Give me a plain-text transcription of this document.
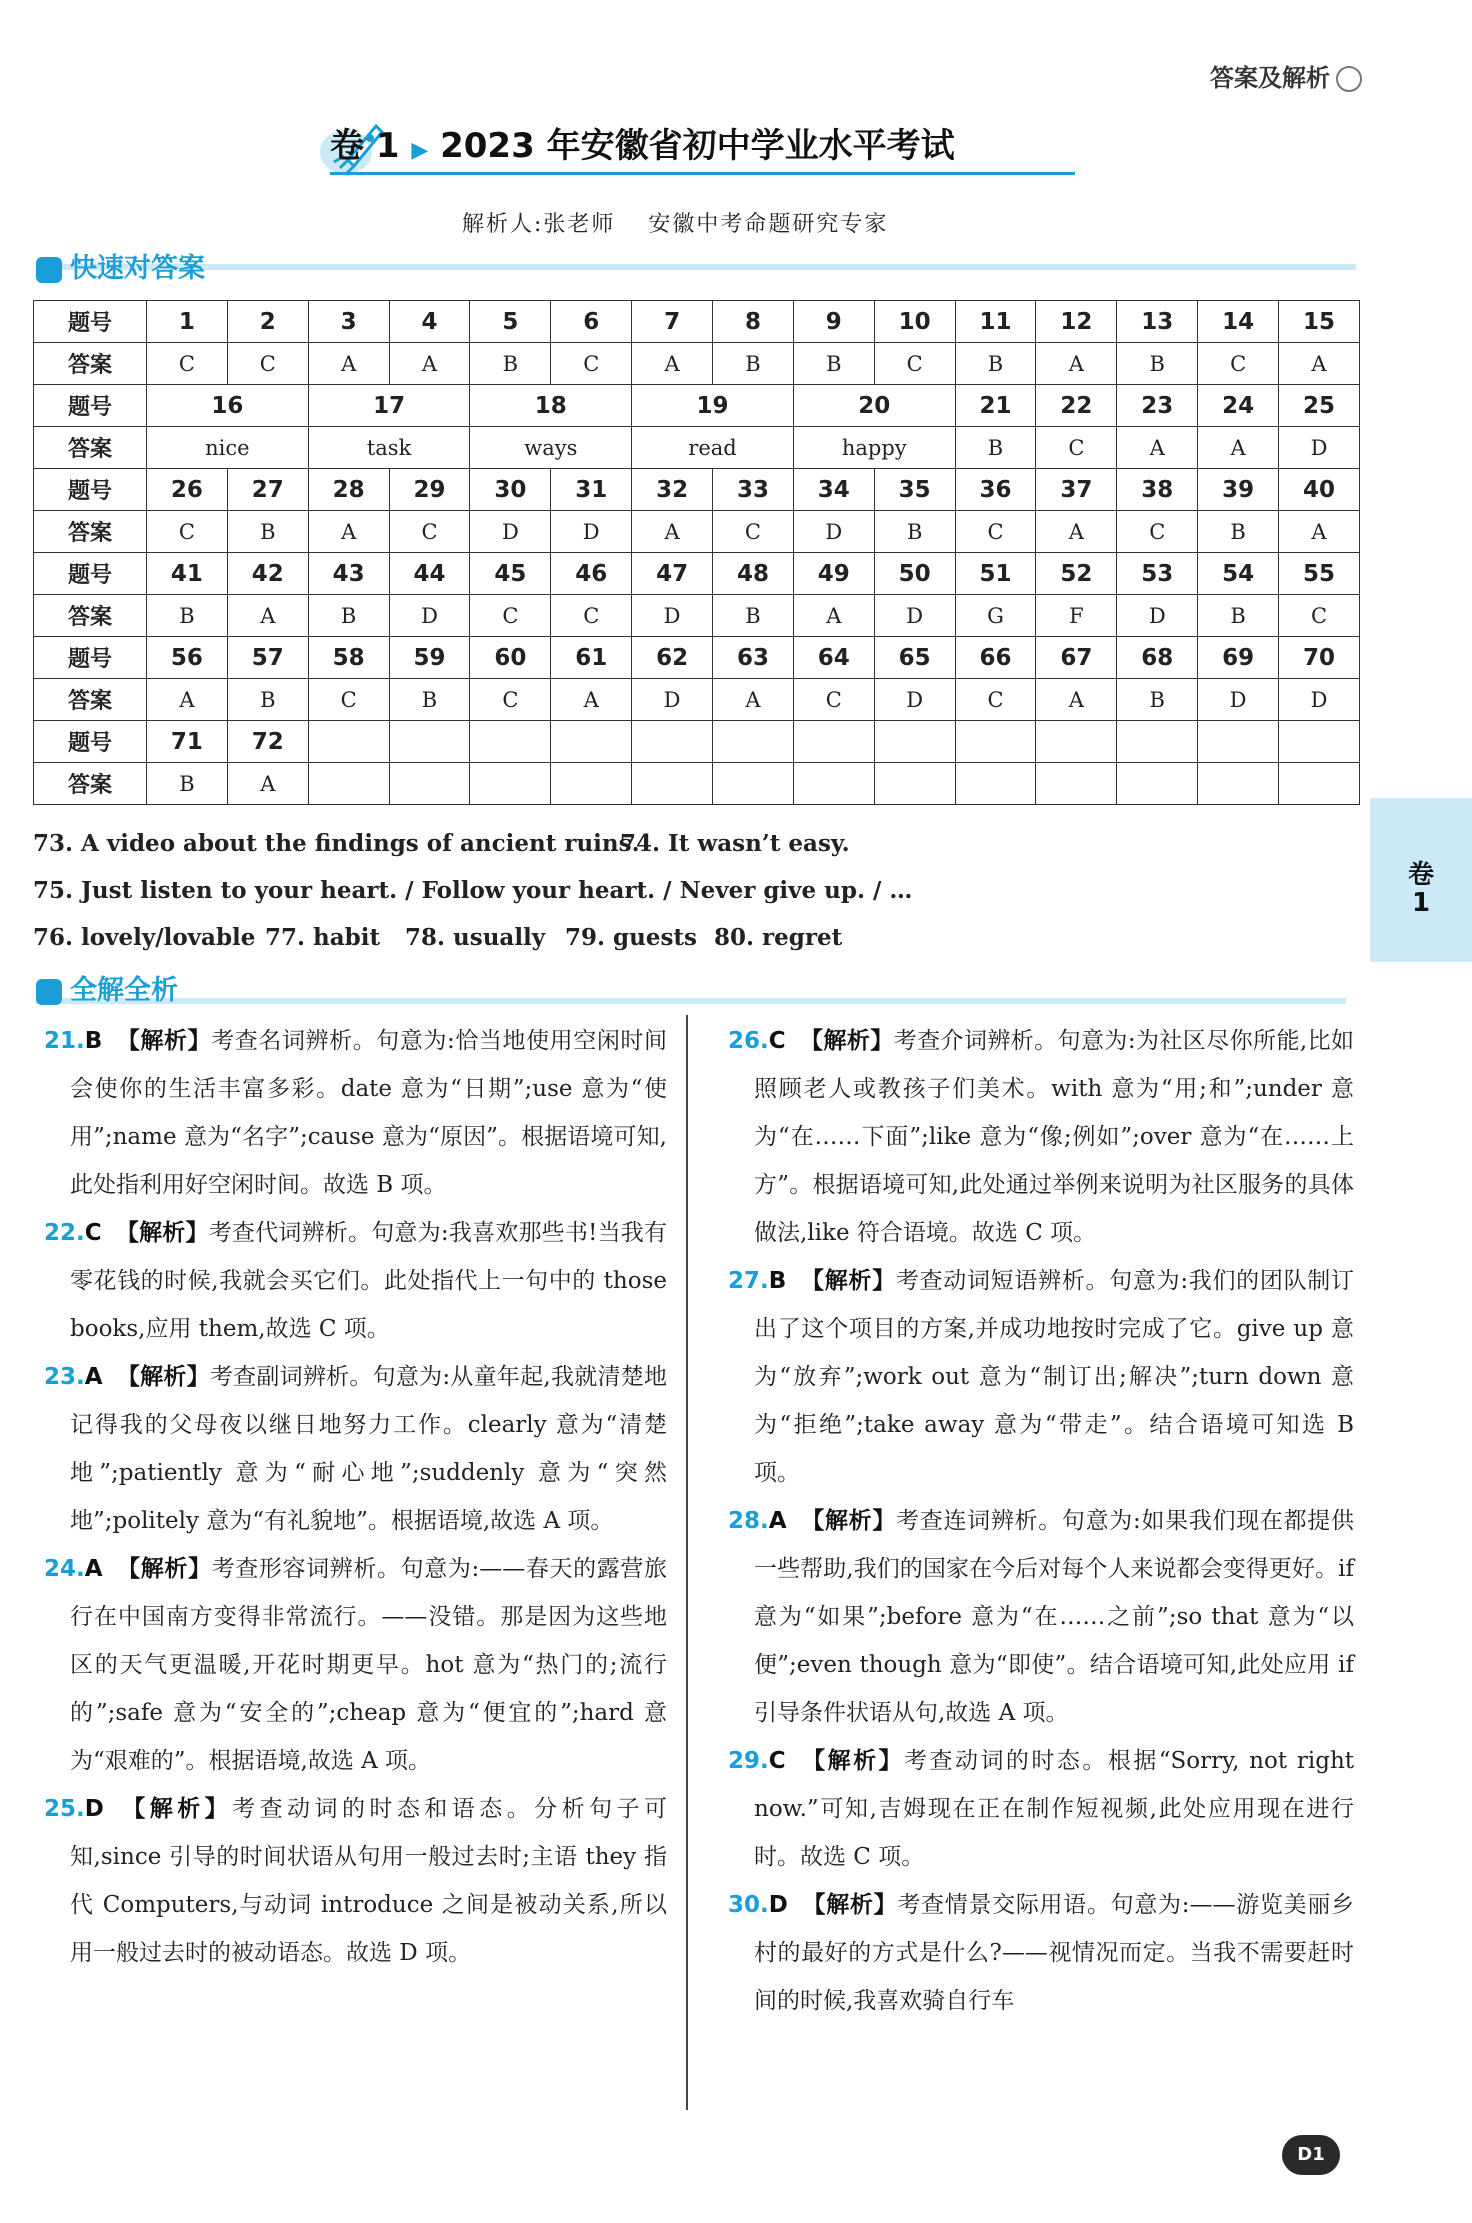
答案及解析
卷 1 ▶ 2023 年安徽省初中学业水平考试
解析人:张老师　 安徽中考命题研究专家
快速对答案
题号	1	2	3	4	5	6	7	8	9	10	11	12	13	14	15
答案	C	C	A	A	B	C	A	B	B	C	B	A	B	C	A
题号	16		17		18		19		20		21	22	23	24	25
答案	nice		task		ways		read		happy		B	C	A	A	D
题号	26	27	28	29	30	31	32	33	34	35	36	37	38	39	40
答案	C	B	A	C	D	D	A	C	D	B	C	A	C	B	A
题号	41	42	43	44	45	46	47	48	49	50	51	52	53	54	55
答案	B	A	B	D	C	C	D	B	A	D	G	F	D	B	C
题号	56	57	58	59	60	61	62	63	64	65	66	67	68	69	70
答案	A	B	C	B	C	A	D	A	C	D	C	A	B	D	D
题号	71	72													
答案	B	A													
73. A video about the findings of ancient ruins.
74. It wasn’t easy.
75. Just listen to your heart. / Follow your heart. / Never give up. / …
76. lovely/lovable 77. habit 78. usually 79. guests 80. regret
卷
1
全解全析

21.B 【解析】考查名词辨析。句意为:恰当地使用空闲时间会使你的生活丰富多彩。date 意为“日期”;use 意为“使用”;name 意为“名字”;cause 意为“原因”。根据语境可知,此处指利用好空闲时间。故选 B 项。

22.C 【解析】考查代词辨析。句意为:我喜欢那些书!当我有零花钱的时候,我就会买它们。此处指代上一句中的 those books,应用 them,故选 C 项。

23.A 【解析】考查副词辨析。句意为:从童年起,我就清楚地记得我的父母夜以继日地努力工作。clearly 意为“清楚地”;patiently 意为“耐心地”;suddenly 意为“突然地”;politely 意为“有礼貌地”。根据语境,故选 A 项。

24.A 【解析】考查形容词辨析。句意为:——春天的露营旅行在中国南方变得非常流行。——没错。那是因为这些地区的天气更温暖,开花时期更早。hot 意为“热门的;流行的”;safe 意为“安全的”;cheap 意为“便宜的”;hard 意为“艰难的”。根据语境,故选 A 项。

25.D 【解析】考查动词的时态和语态。分析句子可知,since 引导的时间状语从句用一般过去时;主语 they 指代 Computers,与动词 introduce 之间是被动关系,所以用一般过去时的被动语态。故选 D 项。

26.C 【解析】考查介词辨析。句意为:为社区尽你所能,比如照顾老人或教孩子们美术。with 意为“用;和”;under 意为“在……下面”;like 意为“像;例如”;over 意为“在……上方”。根据语境可知,此处通过举例来说明为社区服务的具体做法,like 符合语境。故选 C 项。

27.B 【解析】考查动词短语辨析。句意为:我们的团队制订出了这个项目的方案,并成功地按时完成了它。give up 意为“放弃”;work out 意为“制订出;解决”;turn down 意为“拒绝”;take away 意为“带走”。结合语境可知选 B 项。

28.A 【解析】考查连词辨析。句意为:如果我们现在都提供一些帮助,我们的国家在今后对每个人来说都会变得更好。if 意为“如果”;before 意为“在……之前”;so that 意为“以便”;even though 意为“即使”。结合语境可知,此处应用 if 引导条件状语从句,故选 A 项。

29.C 【解析】考查动词的时态。根据“Sorry, not right now.”可知,吉姆现在正在制作短视频,此处应用现在进行时。故选 C 项。

30.D 【解析】考查情景交际用语。句意为:——游览美丽乡村的最好的方式是什么?——视情况而定。当我不需要赶时间的时候,我喜欢骑自行车

D1
